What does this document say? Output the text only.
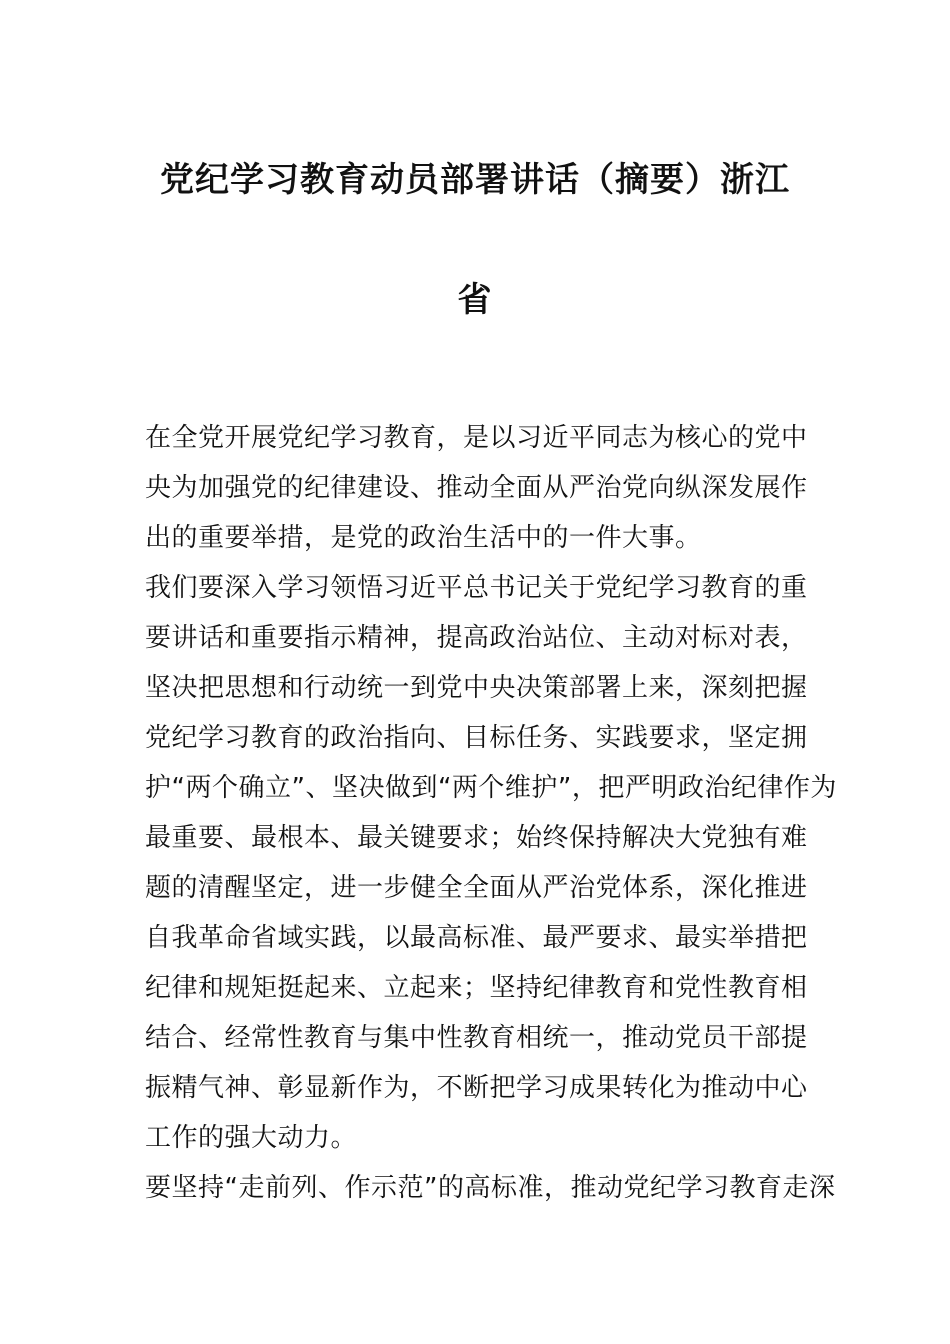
党纪学习教育动员部署讲话（摘要）浙江
省
在全党开展党纪学习教育，是以习近平同志为核心的党中
央为加强党的纪律建设、推动全面从严治党向纵深发展作
出的重要举措，是党的政治生活中的一件大事。
我们要深入学习领悟习近平总书记关于党纪学习教育的重
要讲话和重要指示精神，提高政治站位、主动对标对表，
坚决把思想和行动统一到党中央决策部署上来，深刻把握
党纪学习教育的政治指向、目标任务、实践要求，坚定拥
护“两个确立”、坚决做到“两个维护”，把严明政治纪律作为
最重要、最根本、最关键要求；始终保持解决大党独有难
题的清醒坚定，进一步健全全面从严治党体系，深化推进
自我革命省域实践，以最高标准、最严要求、最实举措把
纪律和规矩挺起来、立起来；坚持纪律教育和党性教育相
结合、经常性教育与集中性教育相统一，推动党员干部提
振精气神、彰显新作为，不断把学习成果转化为推动中心
工作的强大动力。
要坚持“走前列、作示范”的高标准，推动党纪学习教育走深
